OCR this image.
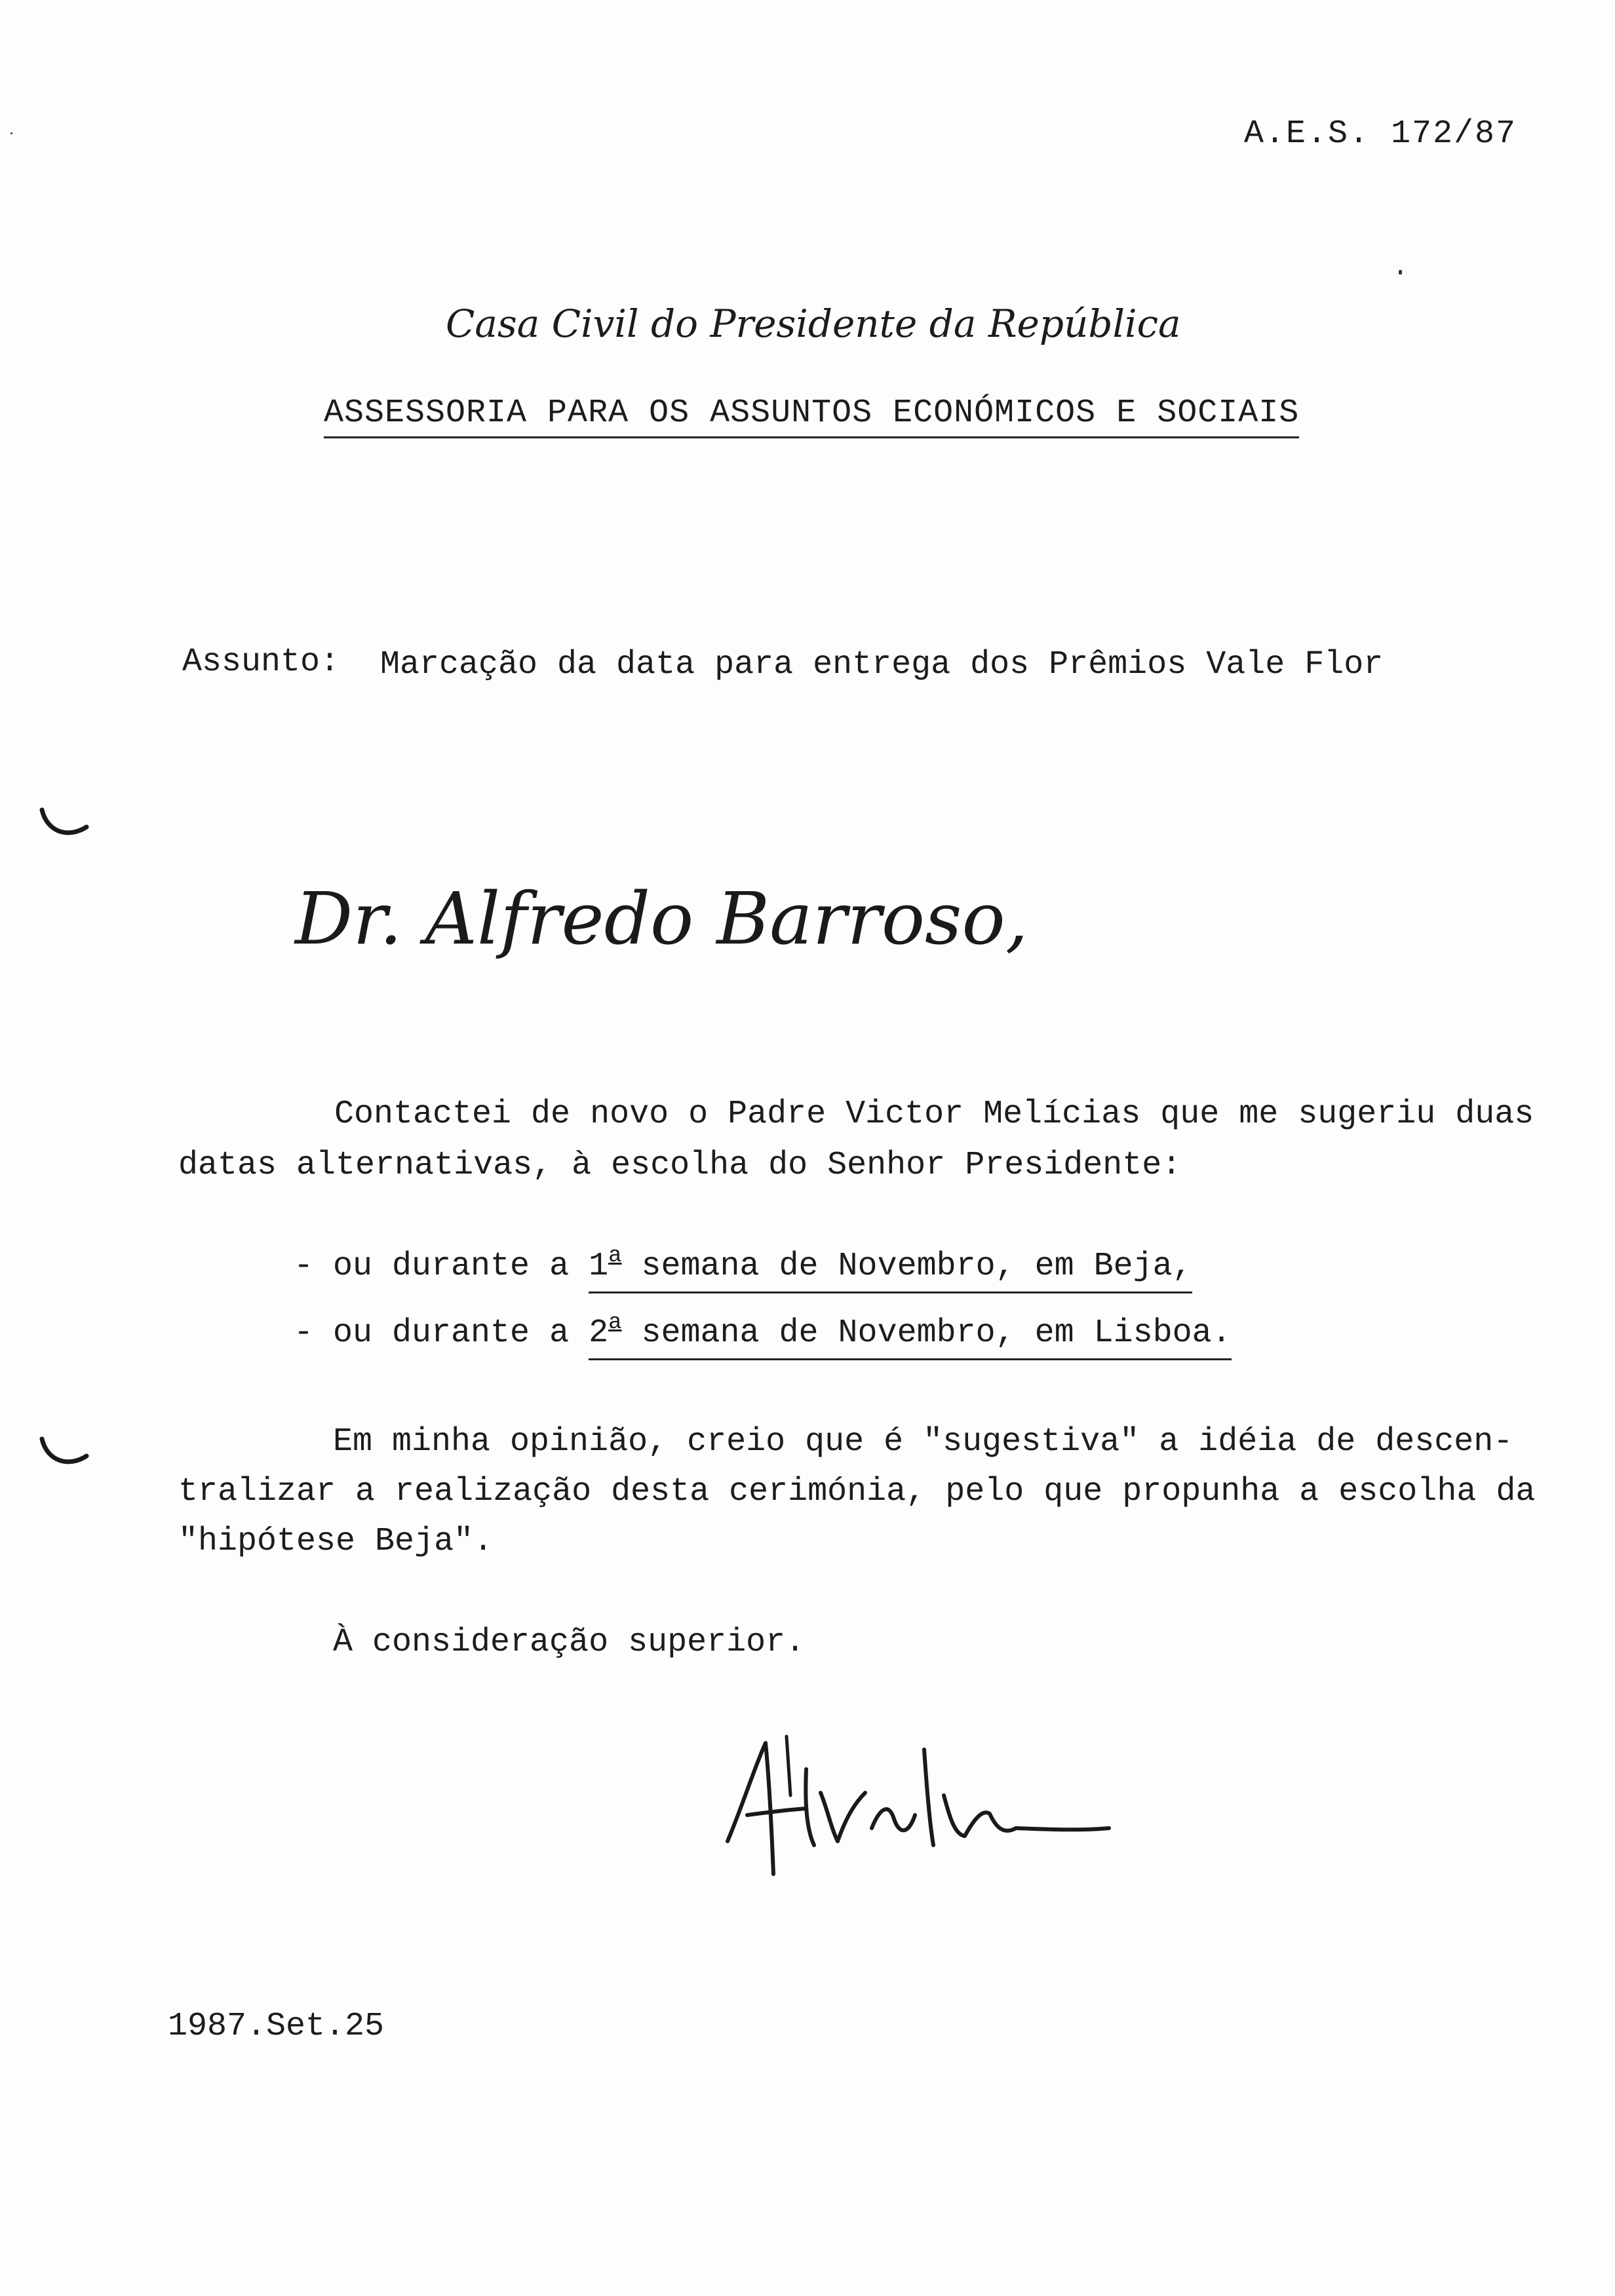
A.E.S. 172/87
Casa Civil do Presidente da República
ASSESSORIA PARA OS ASSUNTOS ECONÓMICOS E SOCIAIS
Assunto: Marcação da data para entrega dos Prêmios Vale Flor
Dr. Alfredo Barroso,
Contactei de novo o Padre Victor Melícias que me sugeriu duas
datas alternativas, à escolha do Senhor Presidente:
- ou durante a 1$^a$ semana de Novembro, em Beja,
- ou durante a 2$^a$ semana de Novembro, em Lisboa.
Em minha opinião, creio que é "sugestiva" a idéia de descen-
tralizar a realização desta cerimónia, pelo que propunha a escolha da
"hipótese Beja".
À consideração superior.
1987.Set.25
